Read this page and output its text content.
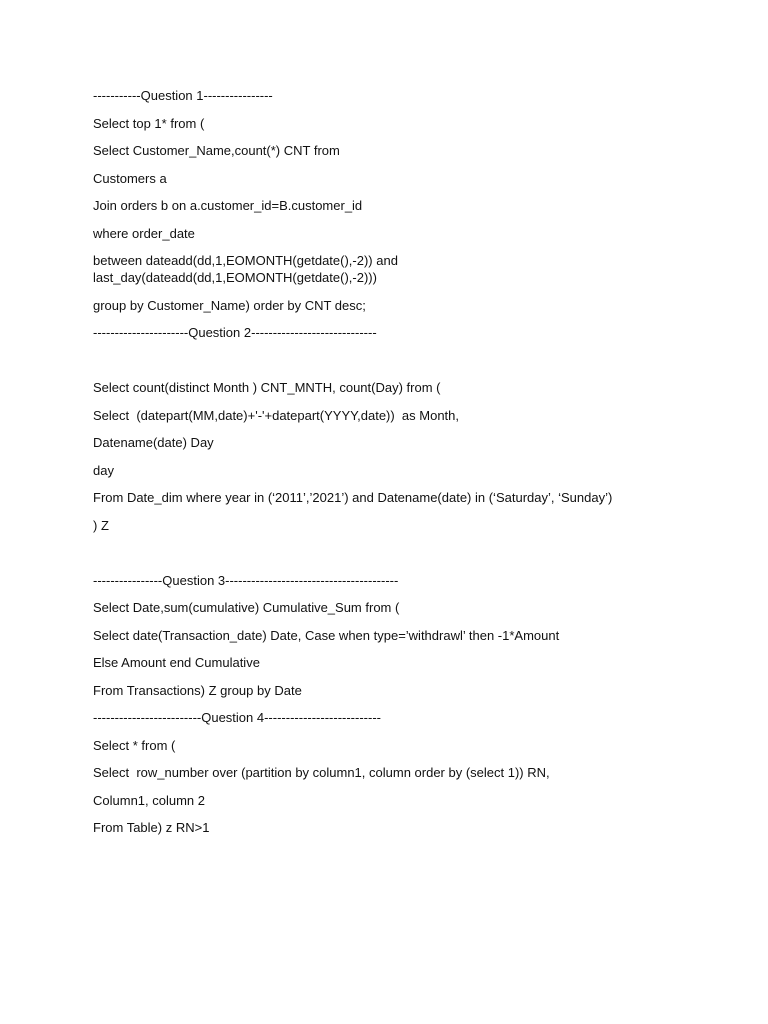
-----------Question 1----------------
Select top 1* from (
Select Customer_Name,count(*) CNT from
Customers a
Join orders b on a.customer_id=B.customer_id
where order_date
between dateadd(dd,1,EOMONTH(getdate(),-2)) and last_day(dateadd(dd,1,EOMONTH(getdate(),-2)))
group by Customer_Name) order by CNT desc;
----------------------Question 2-----------------------------
Select count(distinct Month ) CNT_MNTH, count(Day) from (
Select  (datepart(MM,date)+'-'+datepart(YYYY,date))  as Month,
Datename(date) Day
day
From Date_dim where year in (‘2011’,’2021’) and Datename(date) in (‘Saturday’, ‘Sunday’)
) Z
----------------Question 3----------------------------------------
Select Date,sum(cumulative) Cumulative_Sum from (
Select date(Transaction_date) Date, Case when type=’withdrawl’ then -1*Amount
Else Amount end Cumulative
From Transactions) Z group by Date
-------------------------Question 4---------------------------
Select * from (
Select  row_number over (partition by column1, column order by (select 1)) RN,
Column1, column 2
From Table) z RN>1
